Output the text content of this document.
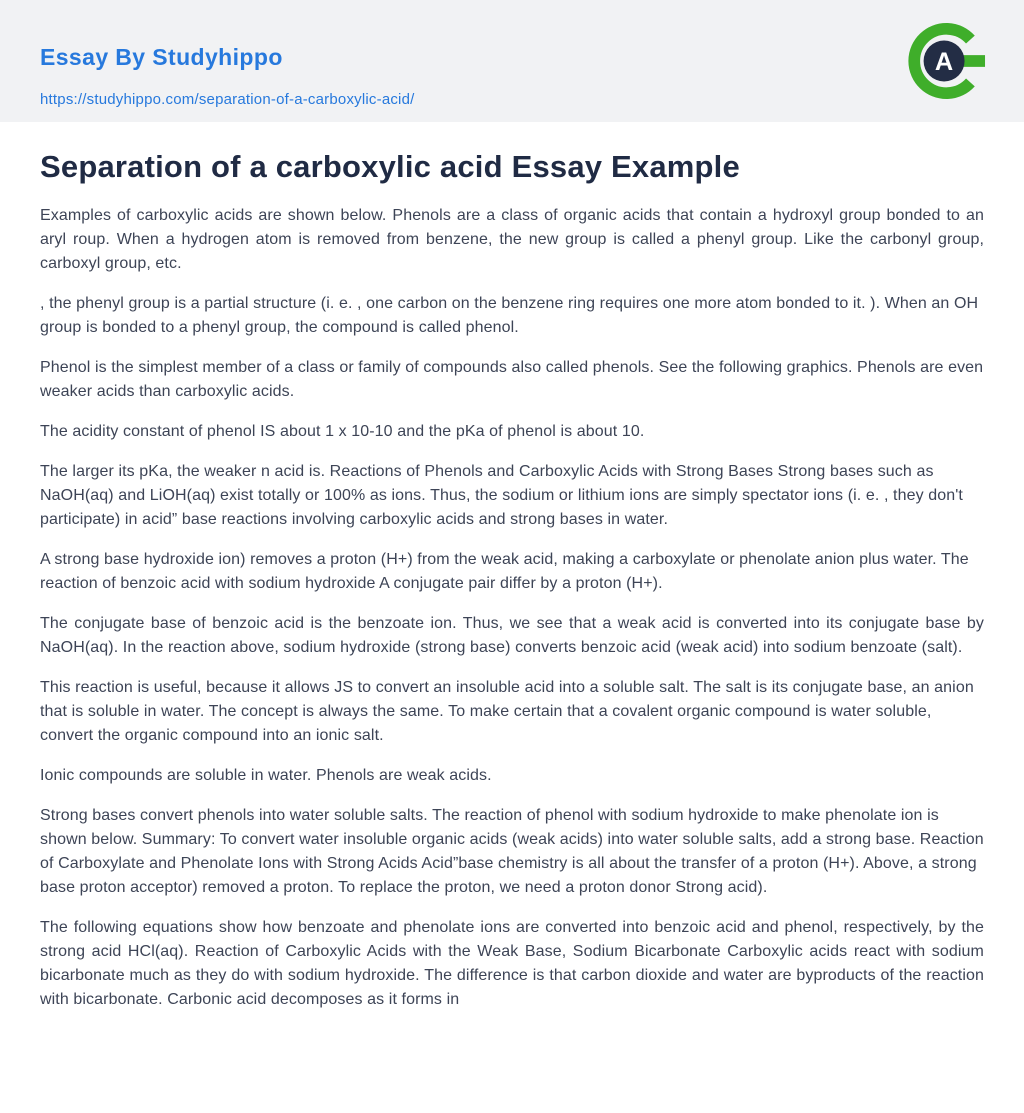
Essay By Studyhippo
https://studyhippo.com/separation-of-a-carboxylic-acid/
A
Separation of a carboxylic acid Essay Example

Examples of carboxylic acids are shown below. Phenols are a class of organic acids that contain a hydroxyl group bonded to an aryl roup. When a hydrogen atom is removed from benzene, the new group is called a phenyl group. Like the carbonyl group, carboxyl group, etc.

, the phenyl group is a partial structure (i. e. , one carbon on the benzene ring requires one more atom bonded to it. ). When an OH group is bonded to a phenyl group, the compound is called phenol.

Phenol is the simplest member of a class or family of compounds also called phenols. See the following graphics. Phenols are even weaker acids than carboxylic acids.

The acidity constant of phenol IS about 1 x 10-10 and the pKa of phenol is about 10.

The larger its pKa, the weaker n acid is. Reactions of Phenols and Carboxylic Acids with Strong Bases Strong bases such as NaOH(aq) and LiOH(aq) exist totally or 100% as ions. Thus, the sodium or lithium ions are simply spectator ions (i. e. , they don't participate) in acid” base reactions involving carboxylic acids and strong bases in water.

A strong base hydroxide ion) removes a proton (H+) from the weak acid, making a carboxylate or phenolate anion plus water. The reaction of benzoic acid with sodium hydroxide A conjugate pair differ by a proton (H+).

The conjugate base of benzoic acid is the benzoate ion. Thus, we see that a weak acid is converted into its conjugate base by NaOH(aq). In the reaction above, sodium hydroxide (strong base) converts benzoic acid (weak acid) into sodium benzoate (salt).

This reaction is useful, because it allows JS to convert an insoluble acid into a soluble salt. The salt is its conjugate base, an anion that is soluble in water. The concept is always the same. To make certain that a covalent organic compound is water soluble, convert the organic compound into an ionic salt.

Ionic compounds are soluble in water. Phenols are weak acids.

Strong bases convert phenols into water soluble salts. The reaction of phenol with sodium hydroxide to make phenolate ion is shown below. Summary: To convert water insoluble organic acids (weak acids) into water soluble salts, add a strong base. Reaction of Carboxylate and Phenolate Ions with Strong Acids Acid”base chemistry is all about the transfer of a proton (H+). Above, a strong base proton acceptor) removed a proton. To replace the proton, we need a proton donor Strong acid).

The following equations show how benzoate and phenolate ions are converted into benzoic acid and phenol, respectively, by the strong acid HCl(aq). Reaction of Carboxylic Acids with the Weak Base, Sodium Bicarbonate Carboxylic acids react with sodium bicarbonate much as they do with sodium hydroxide. The difference is that carbon dioxide and water are byproducts of the reaction with bicarbonate. Carbonic acid decomposes as it forms in
